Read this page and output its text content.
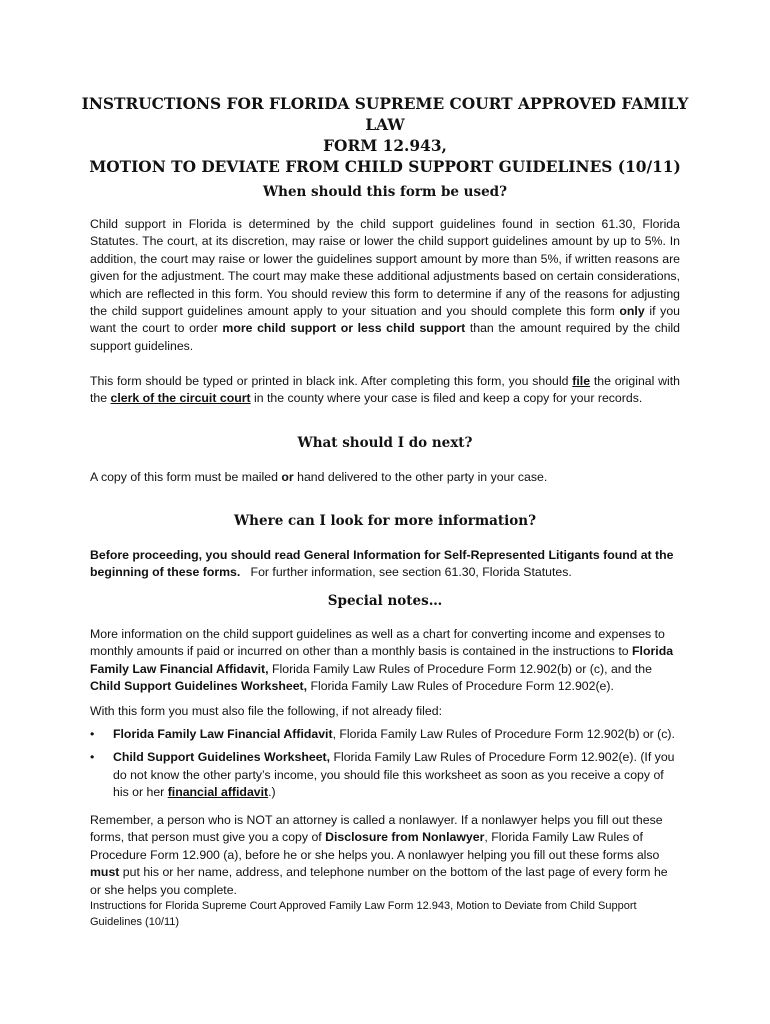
INSTRUCTIONS FOR FLORIDA SUPREME COURT APPROVED FAMILY LAW
FORM 12.943,
MOTION TO DEVIATE FROM CHILD SUPPORT GUIDELINES (10/11)
When should this form be used?

Child support in Florida is determined by the child support guidelines found in section 61.30, Florida Statutes. The court, at its discretion, may raise or lower the child support guidelines amount by up to 5%. In addition, the court may raise or lower the guidelines support amount by more than 5%, if written reasons are given for the adjustment. The court may make these additional adjustments based on certain considerations, which are reflected in this form. You should review this form to determine if any of the reasons for adjusting the child support guidelines amount apply to your situation and you should complete this form only if you want the court to order more child support or less child support than the amount required by the child support guidelines.

This form should be typed or printed in black ink. After completing this form, you should file the original with the clerk of the circuit court in the county where your case is filed and keep a copy for your records.

What should I do next?

A copy of this form must be mailed or hand delivered to the other party in your case.

Where can I look for more information?

Before proceeding, you should read General Information for Self-Represented Litigants found at the beginning of these forms.   For further information, see section 61.30, Florida Statutes.

Special notes…

More information on the child support guidelines as well as a chart for converting income and expenses to monthly amounts if paid or incurred on other than a monthly basis is contained in the instructions to Florida Family Law Financial Affidavit, Florida Family Law Rules of Procedure Form 12.902(b) or (c), and the Child Support Guidelines Worksheet, Florida Family Law Rules of Procedure Form 12.902(e).

With this form you must also file the following, if not already filed:

•	Florida Family Law Financial Affidavit, Florida Family Law Rules of Procedure Form 12.902(b) or (c).
•	Child Support Guidelines Worksheet, Florida Family Law Rules of Procedure Form 12.902(e). (If you do not know the other party’s income, you should file this worksheet as soon as you receive a copy of his or her financial affidavit.)

Remember, a person who is NOT an attorney is called a nonlawyer. If a nonlawyer helps you fill out these forms, that person must give you a copy of Disclosure from Nonlawyer, Florida Family Law Rules of Procedure Form 12.900 (a), before he or she helps you. A nonlawyer helping you fill out these forms also must put his or her name, address, and telephone number on the bottom of the last page of every form he or she helps you complete.

Instructions for Florida Supreme Court Approved Family Law Form 12.943, Motion to Deviate from Child Support Guidelines (10/11)
